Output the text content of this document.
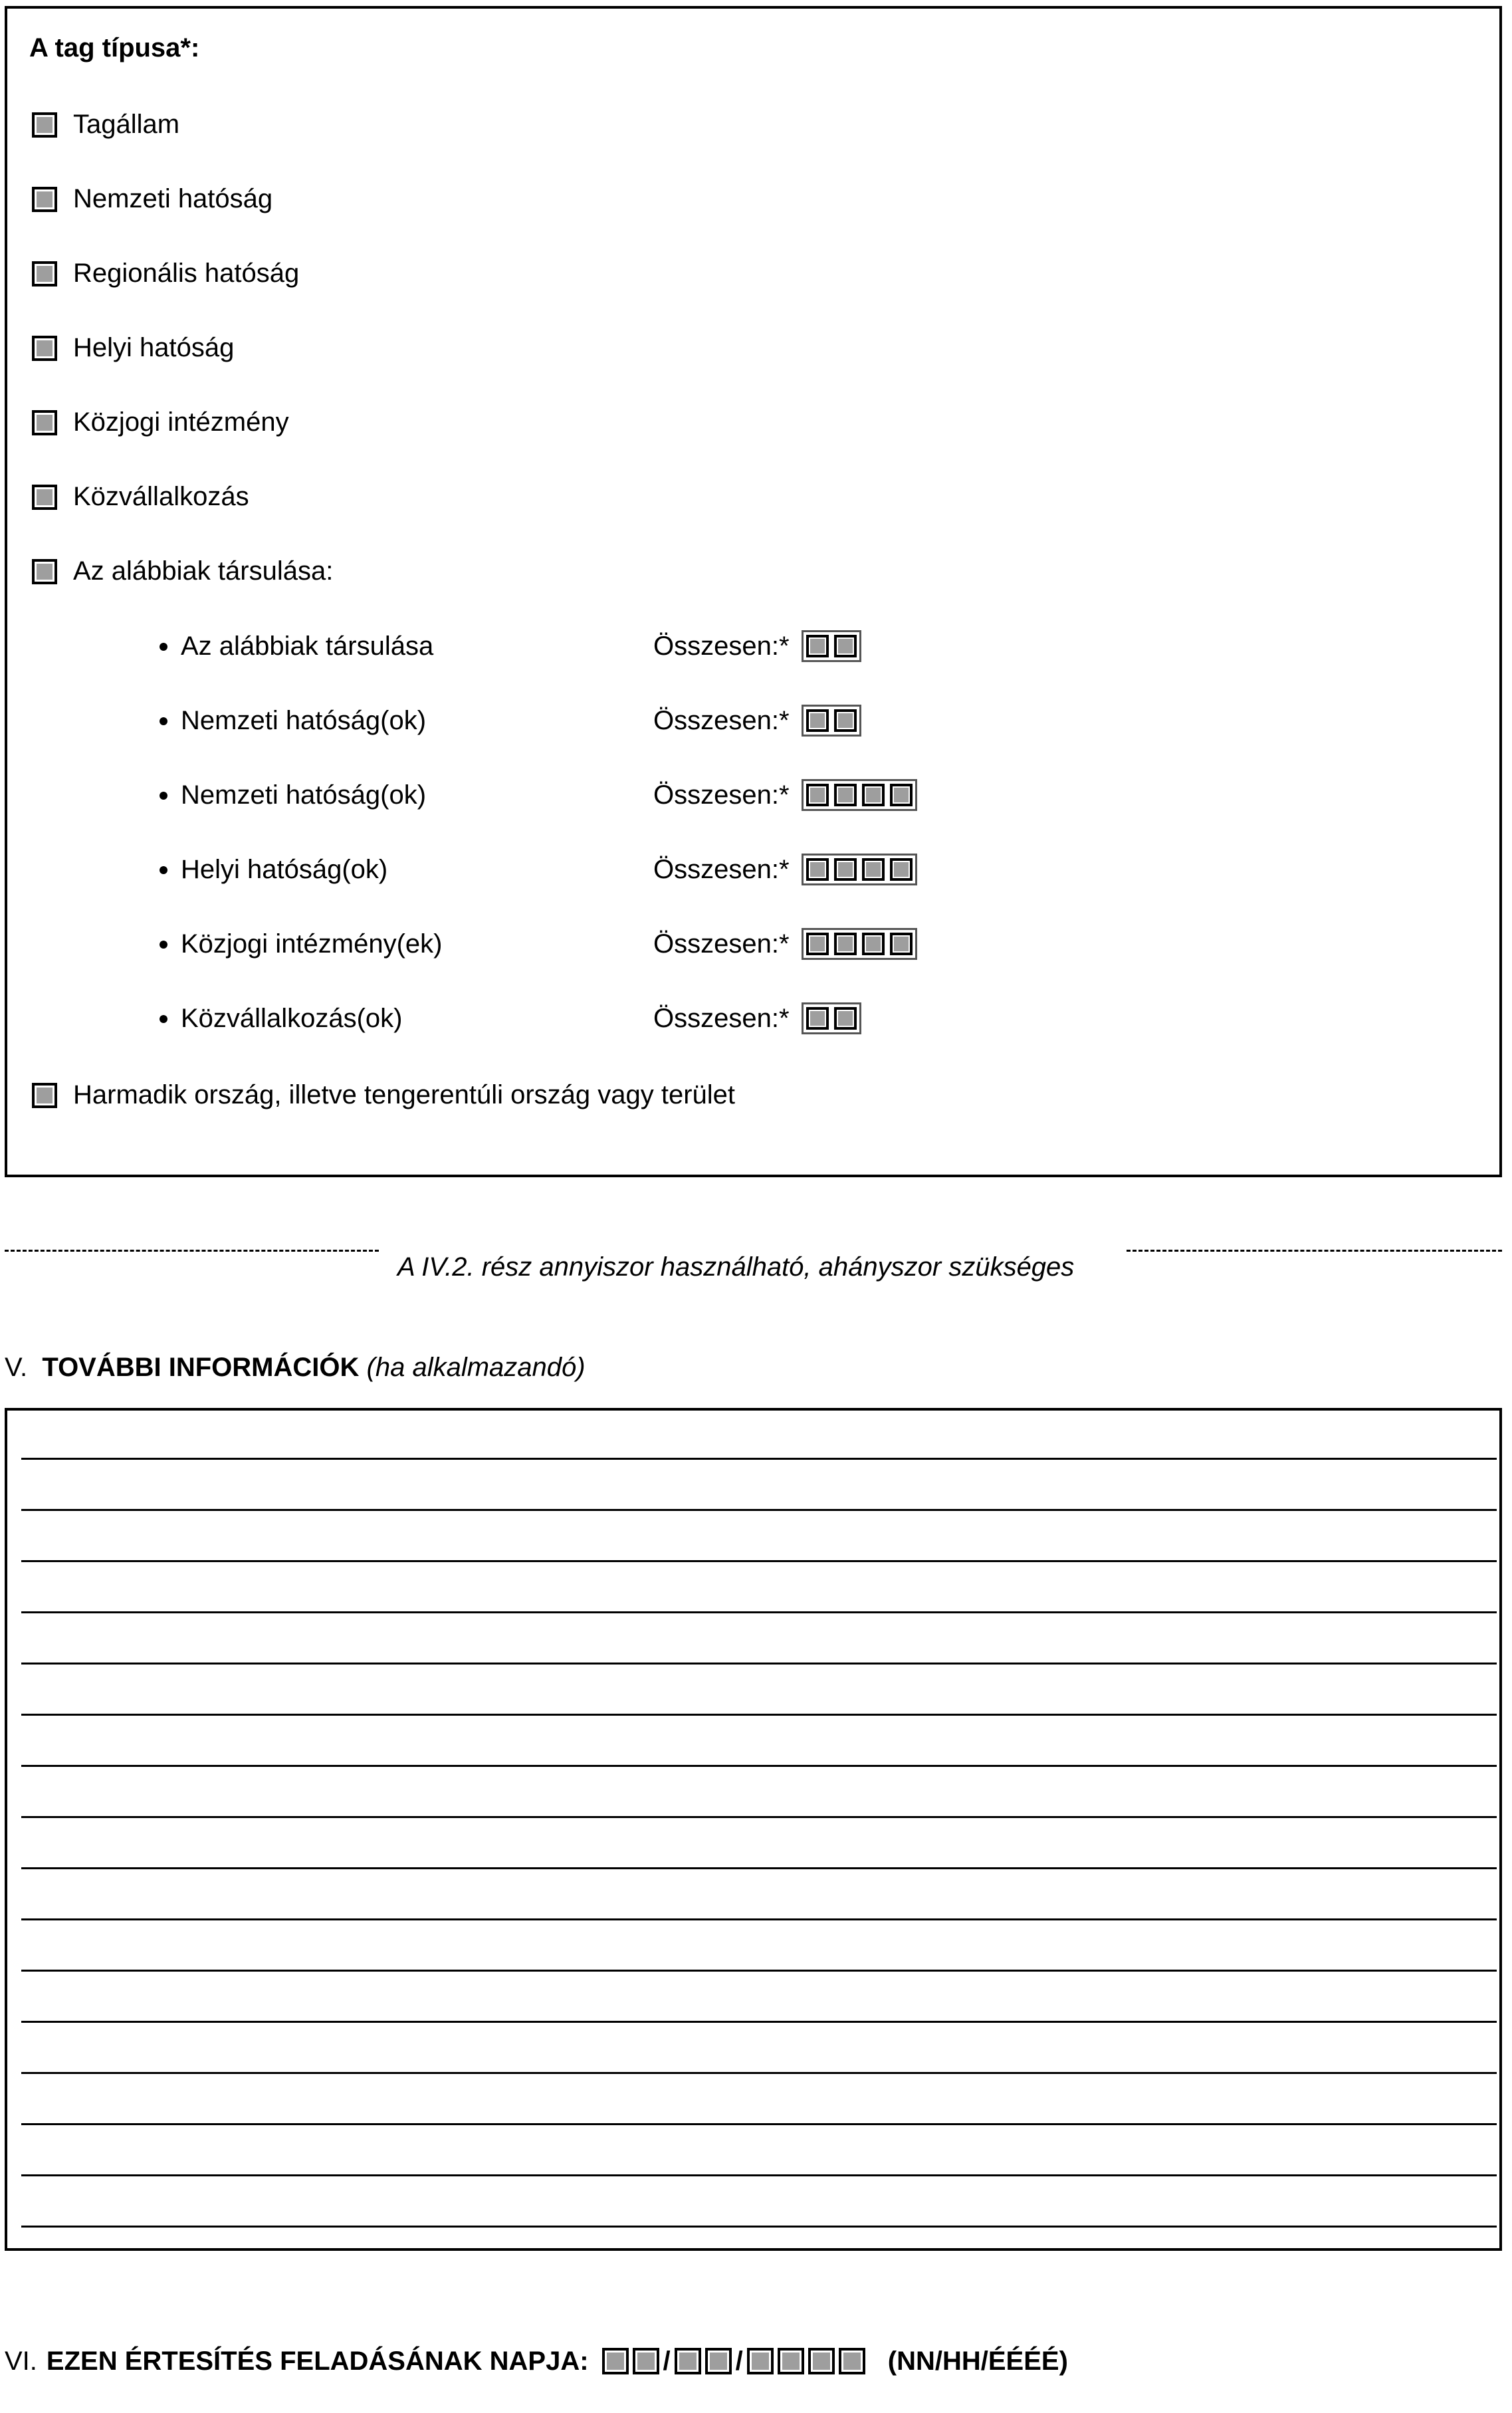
A tag típusa*:
Tagállam
Nemzeti hatóság
Regionális hatóság
Helyi hatóság
Közjogi intézmény
Közvállalkozás
Az alábbiak társulása:
Az alábbiak társulása	Összesen:*
Nemzeti hatóság(ok)	Összesen:*
Nemzeti hatóság(ok)	Összesen:*
Helyi hatóság(ok)	Összesen:*
Közjogi intézmény(ek)	Összesen:*
Közvállalkozás(ok)	Összesen:*
Harmadik ország, illetve tengerentúli ország vagy terület
A IV.2. rész annyiszor használható, ahányszor szükséges
V. TOVÁBBI INFORMÁCIÓK (ha alkalmazandó)
VI. EZEN ÉRTESÍTÉS FELADÁSÁNAK NAPJA:	/ /	(NN/HH/ÉÉÉÉ)
